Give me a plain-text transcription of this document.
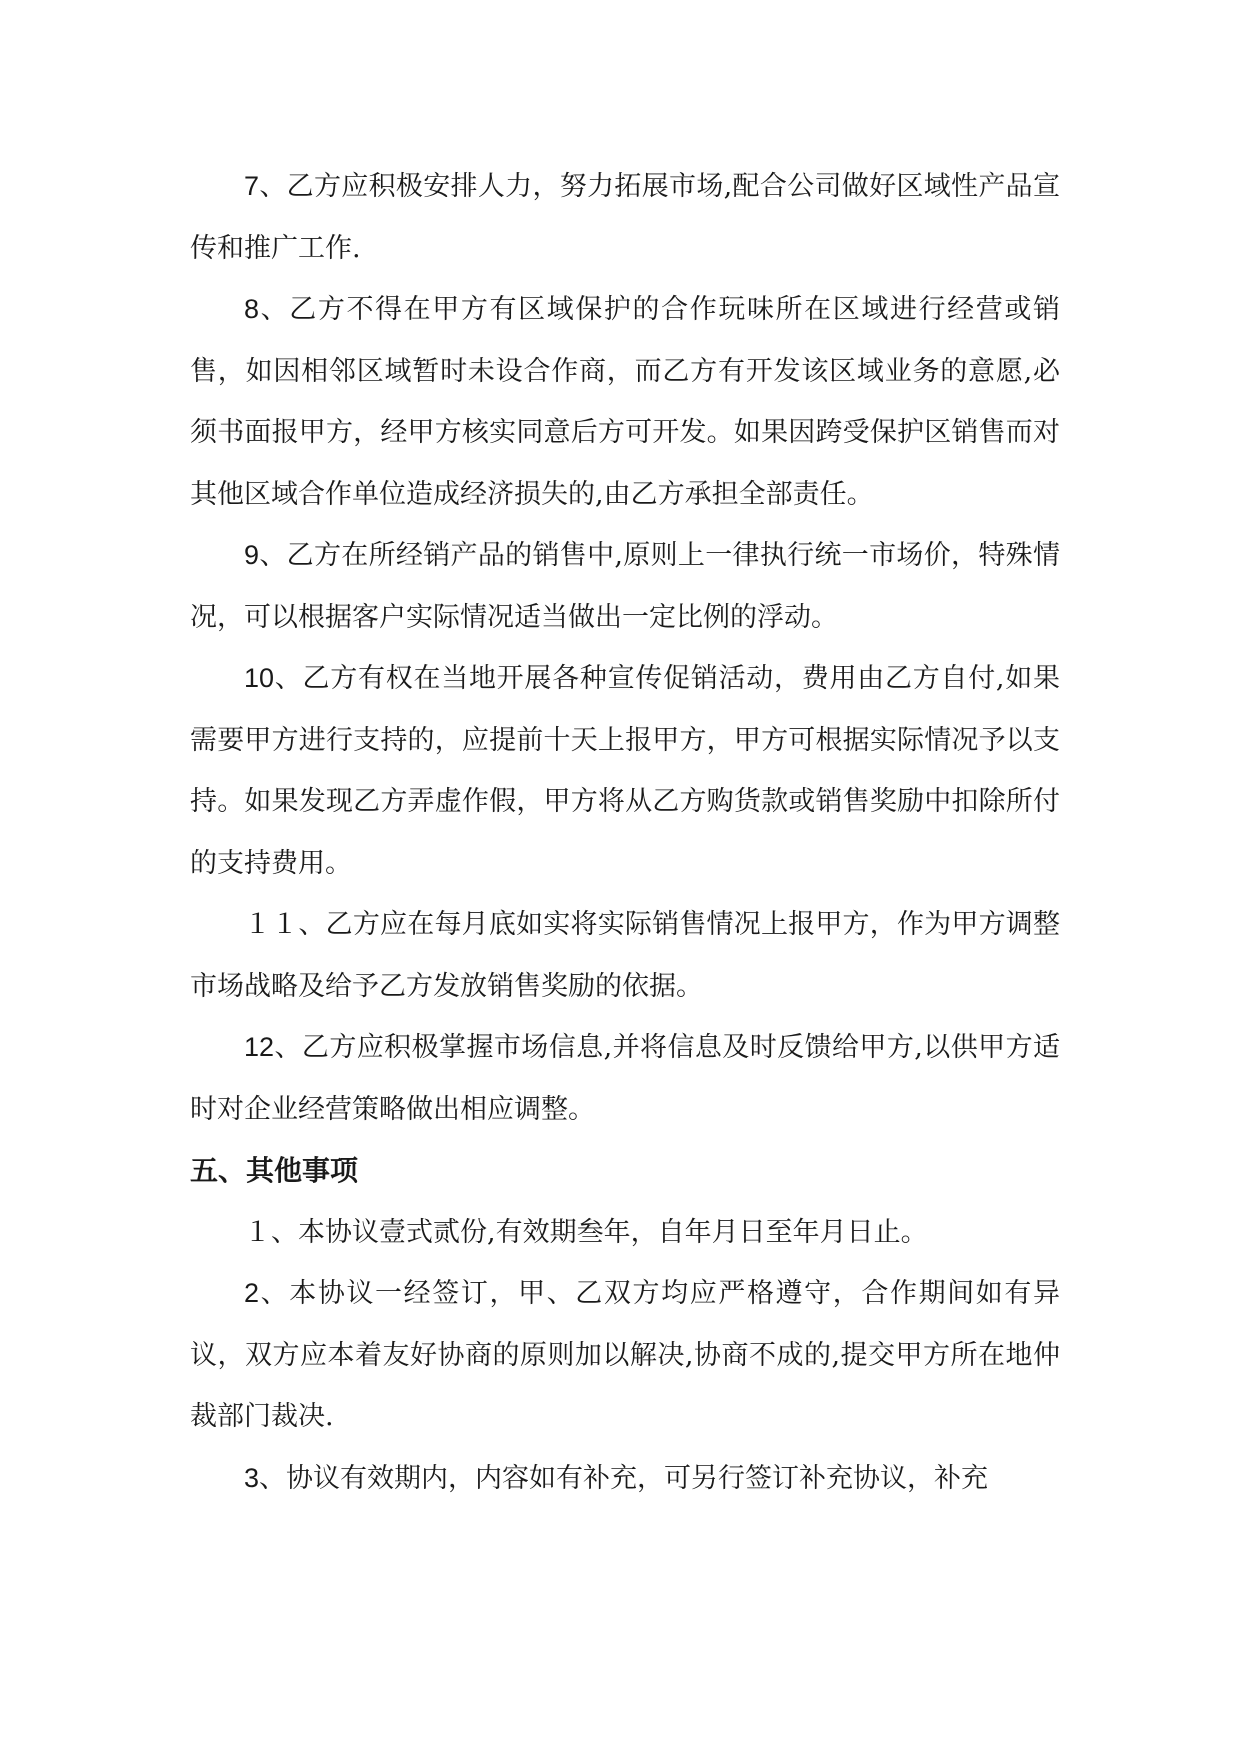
7、乙方应积极安排人力，努力拓展市场,配合公司做好区域性产品宣传和推广工作.

8、乙方不得在甲方有区域保护的合作玩味所在区域进行经营或销售，如因相邻区域暂时未设合作商，而乙方有开发该区域业务的意愿,必须书面报甲方，经甲方核实同意后方可开发。如果因跨受保护区销售而对其他区域合作单位造成经济损失的,由乙方承担全部责任。

9、乙方在所经销产品的销售中,原则上一律执行统一市场价，特殊情况，可以根据客户实际情况适当做出一定比例的浮动。

10、乙方有权在当地开展各种宣传促销活动，费用由乙方自付,如果需要甲方进行支持的，应提前十天上报甲方，甲方可根据实际情况予以支持。如果发现乙方弄虚作假，甲方将从乙方购货款或销售奖励中扣除所付的支持费用。

１１、乙方应在每月底如实将实际销售情况上报甲方，作为甲方调整市场战略及给予乙方发放销售奖励的依据。

12、乙方应积极掌握市场信息,并将信息及时反馈给甲方,以供甲方适时对企业经营策略做出相应调整。

五、其他事项

１、本协议壹式贰份,有效期叁年，自年月日至年月日止。

2、本协议一经签订，甲、乙双方均应严格遵守，合作期间如有异议，双方应本着友好协商的原则加以解决,协商不成的,提交甲方所在地仲裁部门裁决.

3、协议有效期内，内容如有补充，可另行签订补充协议，补充
